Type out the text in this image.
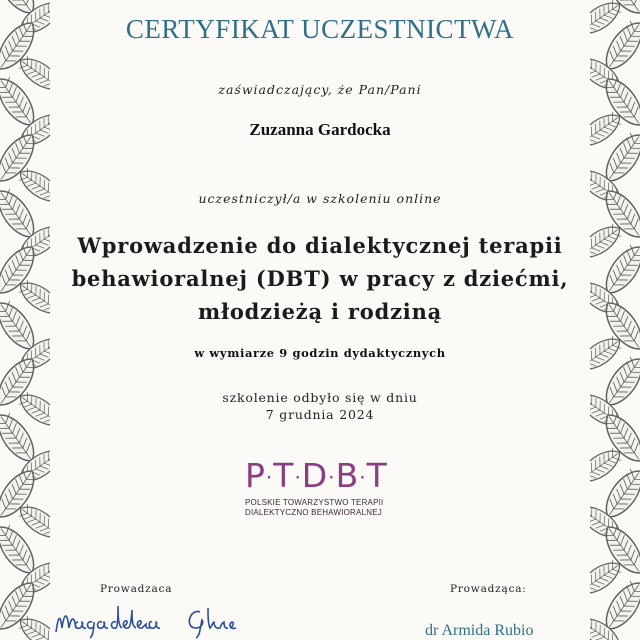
CERTYFIKAT UCZESTNICTWA
zaświadczający, że Pan/Pani
Zuzanna Gardocka
uczestniczył/a w szkoleniu online
Wprowadzenie do dialektycznej terapii
behawioralnej (DBT) w pracy z dziećmi,
młodzieżą i rodziną
w wymiarze 9 godzin dydaktycznych
szkolenie odbyło się w dniu
7 grudnia 2024
P·T·D·B·T
POLSKIE TOWARZYSTWO TERAPII
DIALEKTYCZNO BEHAWIORALNEJ
Prowadzaca	Prowadząca:
dr Armida Rubio
